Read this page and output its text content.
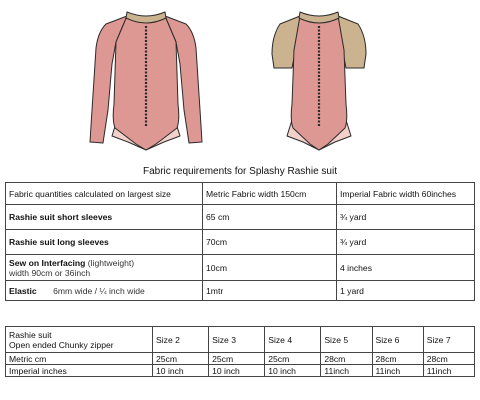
Fabric requirements for Splashy Rashie suit
Fabric quantities calculated on largest size	Metric Fabric width 150cm	Imperial Fabric width 60inches
Rashie suit short sleeves	65 cm	¾ yard
Rashie suit long sleeves	70cm	¾ yard
Sew on Interfacing (lightweight)
width 90cm or 36inch	10cm	4 inches
Elastic 6mm wide / ¼ inch wide	1mtr	1 yard
Rashie suit
Open ended Chunky zipper	Size 2	Size 3	Size 4	Size 5	Size 6	Size 7
Metric cm	25cm	25cm	25cm	28cm	28cm	28cm
Imperial inches	10 inch	10 inch	10 inch	11inch	11inch	11inch
